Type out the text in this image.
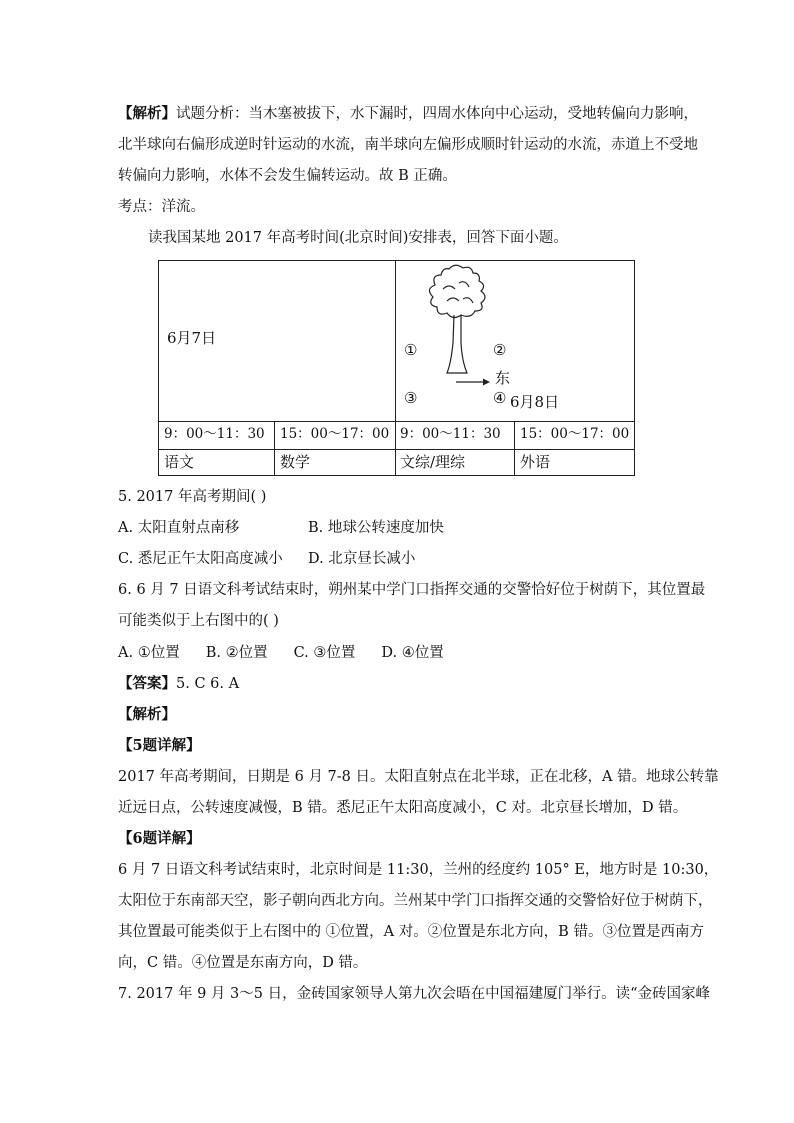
【解析】试题分析：当木塞被拔下，水下漏时，四周水体向中心运动，受地转偏向力影响，
北半球向右偏形成逆时针运动的水流，南半球向左偏形成顺时针运动的水流，赤道上不受地
转偏向力影响，水体不会发生偏转运动。故 B 正确。
考点：洋流。
读我国某地 2017 年高考时间(北京时间)安排表，回答下面小题。
6月7日
①	②
③	④
东
6月8日
9：00～11：30 15：00～17：00 9：00～11：30 15：00～17：00
语文	数学	文综/理综	外语
5. 2017 年高考期间( )
A. 太阳直射点南移	B. 地球公转速度加快
C. 悉尼正午太阳高度减小 D. 北京昼长减小
6. 6 月 7 日语文科考试结束时，朔州某中学门口指挥交通的交警恰好位于树荫下，其位置最
可能类似于上右图中的( )
A. ①位置 B. ②位置 C. ③位置 D. ④位置
【答案】5. C 6. A
【解析】
【5题详解】
2017 年高考期间，日期是 6 月 7-8 日。太阳直射点在北半球，正在北移，A 错。地球公转靠
近远日点，公转速度减慢，B 错。悉尼正午太阳高度减小，C 对。北京昼长增加，D 错。
【6题详解】
6 月 7 日语文科考试结束时，北京时间是 11:30，兰州的经度约 105° E，地方时是 10:30，
太阳位于东南部天空，影子朝向西北方向。兰州某中学门口指挥交通的交警恰好位于树荫下，
其位置最可能类似于上右图中的 ①位置，A 对。②位置是东北方向，B 错。③位置是西南方
向，C 错。④位置是东南方向，D 错。
7. 2017 年 9 月 3～5 日，金砖国家领导人第九次会晤在中国福建厦门举行。读“金砖国家峰
